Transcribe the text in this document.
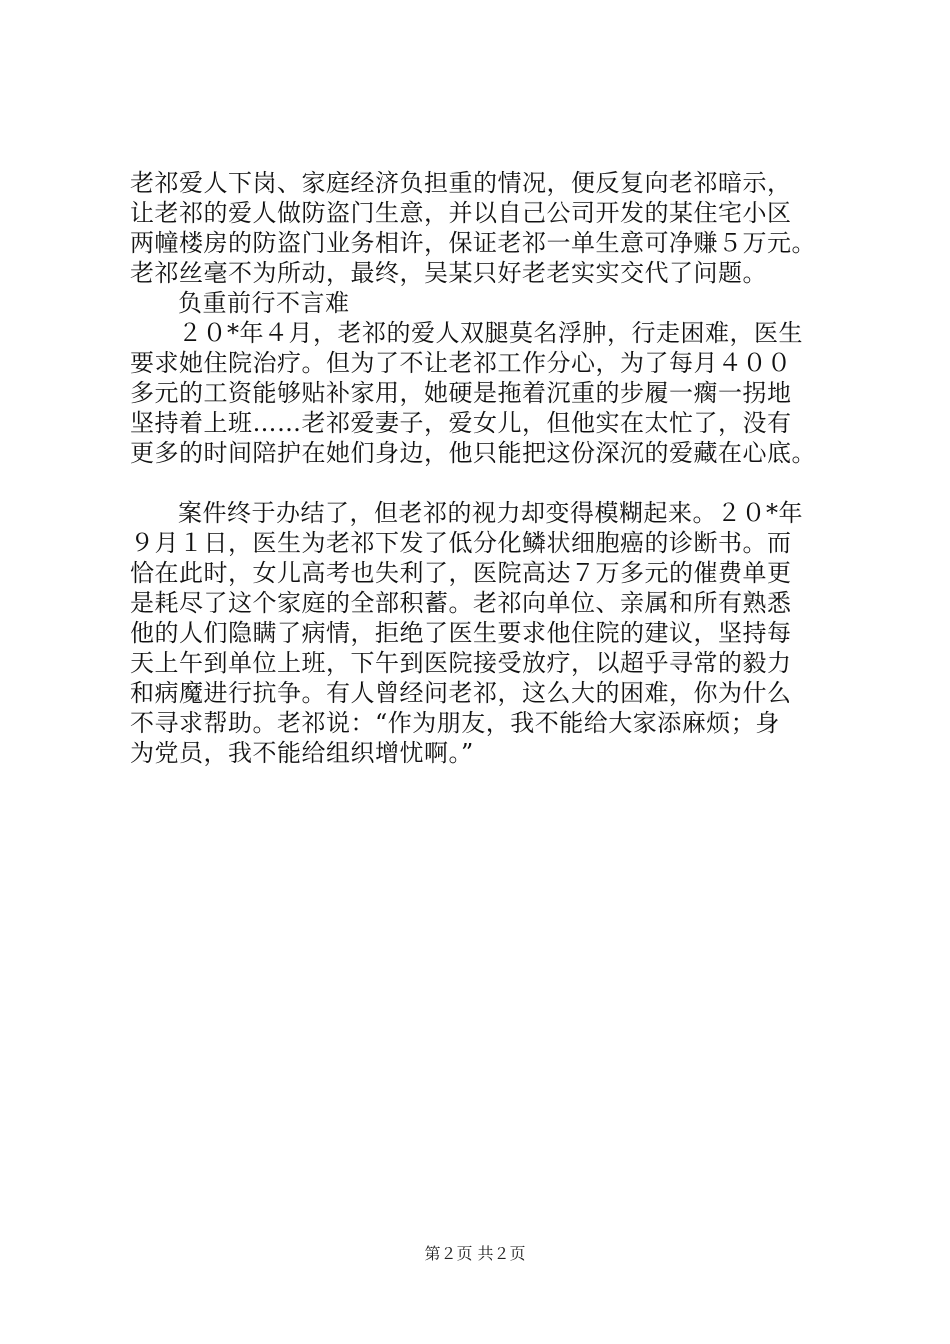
老祁爱人下岗、家庭经济负担重的情况，便反复向老祁暗示，
让老祁的爱人做防盗门生意，并以自己公司开发的某住宅小区
两幢楼房的防盗门业务相许，保证老祁一单生意可净赚５万元。
老祁丝毫不为所动，最终，吴某只好老老实实交代了问题。
负重前行不言难
２０*年４月，老祁的爱人双腿莫名浮肿，行走困难，医生
要求她住院治疗。但为了不让老祁工作分心，为了每月４００
多元的工资能够贴补家用，她硬是拖着沉重的步履一瘸一拐地
坚持着上班……老祁爱妻子，爱女儿，但他实在太忙了，没有
更多的时间陪护在她们身边，他只能把这份深沉的爱藏在心底。
案件终于办结了，但老祁的视力却变得模糊起来。２０*年
９月１日，医生为老祁下发了低分化鳞状细胞癌的诊断书。而
恰在此时，女儿高考也失利了，医院高达７万多元的催费单更
是耗尽了这个家庭的全部积蓄。老祁向单位、亲属和所有熟悉
他的人们隐瞒了病情，拒绝了医生要求他住院的建议，坚持每
天上午到单位上班，下午到医院接受放疗，以超乎寻常的毅力
和病魔进行抗争。有人曾经问老祁，这么大的困难，你为什么
不寻求帮助。老祁说：“作为朋友，我不能给大家添麻烦；身
为党员，我不能给组织增忧啊。”
第２页 共２页
